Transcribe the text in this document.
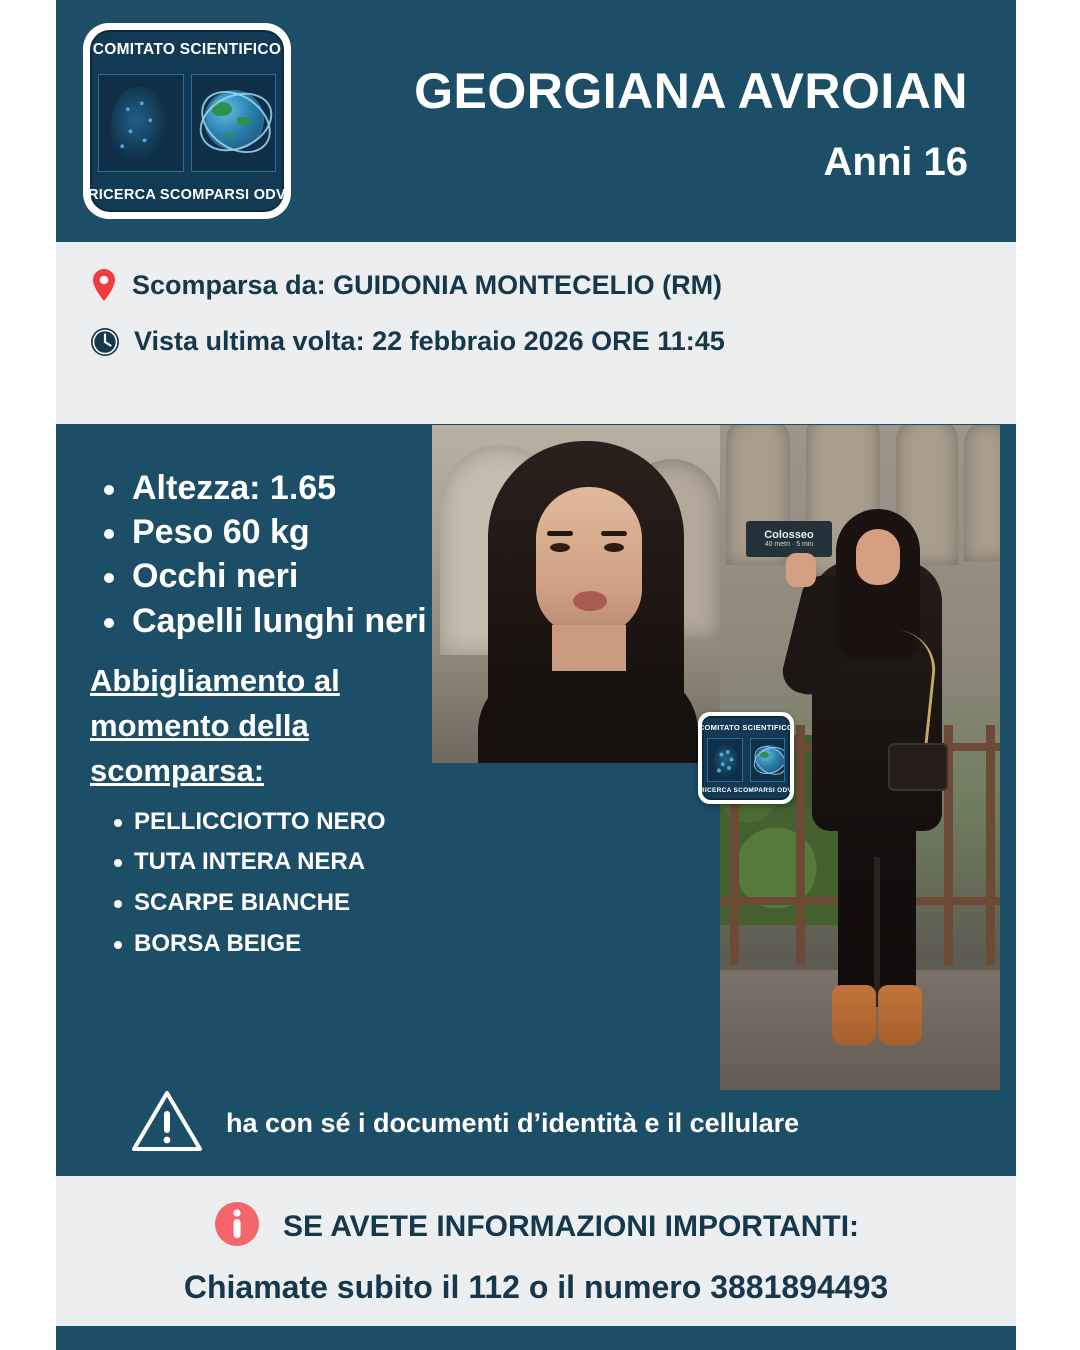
COMITATO SCIENTIFICO
RICERCA SCOMPARSI ODV
GEORGIANA AVROIAN
Anni 16
Scomparsa da: GUIDONIA MONTECELIO (RM)
Vista ultima volta: 22 febbraio 2026 ORE 11:45
Altezza: 1.65
Peso 60 kg
Occhi neri
Capelli lunghi neri
Abbigliamento al momento della scomparsa:
PELLICCIOTTO NERO
TUTA INTERA NERA
SCARPE BIANCHE
BORSA BEIGE
Colosseo
40 metri · 5 min
COMITATO SCIENTIFICO
RICERCA SCOMPARSI ODV
ha con sé i documenti d’identità e il cellulare
SE AVETE INFORMAZIONI IMPORTANTI:
Chiamate subito il 112 o il numero 3881894493
